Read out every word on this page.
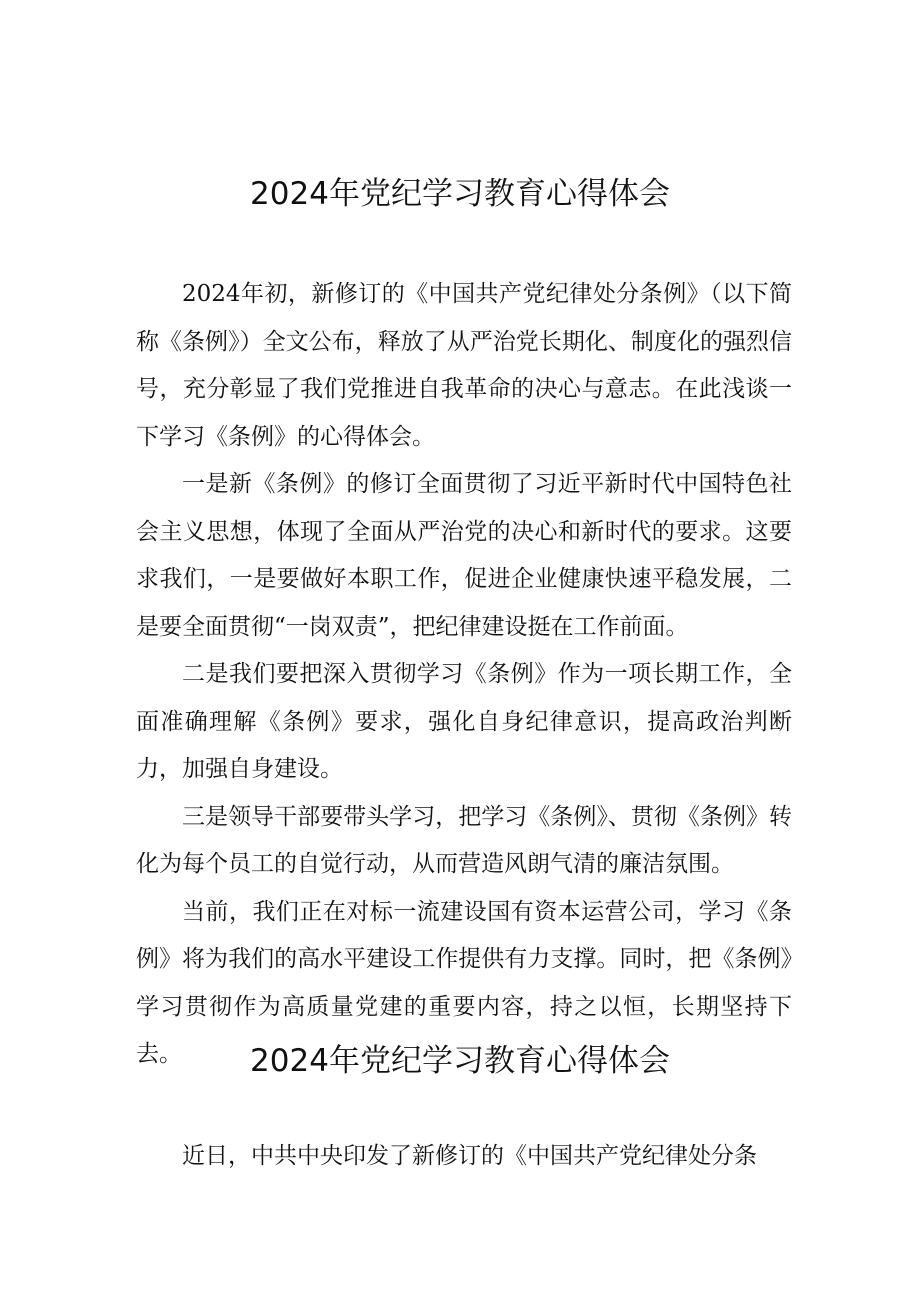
2024年党纪学习教育心得体会

2024年初，新修订的《中国共产党纪律处分条例》（以下简称《条例》）全文公布，释放了从严治党长期化、制度化的强烈信号，充分彰显了我们党推进自我革命的决心与意志。在此浅谈一下学习《条例》的心得体会。

一是新《条例》的修订全面贯彻了习近平新时代中国特色社会主义思想，体现了全面从严治党的决心和新时代的要求。这要求我们，一是要做好本职工作，促进企业健康快速平稳发展，二是要全面贯彻“一岗双责”，把纪律建设挺在工作前面。

二是我们要把深入贯彻学习《条例》作为一项长期工作，全面准确理解《条例》要求，强化自身纪律意识，提高政治判断力，加强自身建设。

三是领导干部要带头学习，把学习《条例》、贯彻《条例》转化为每个员工的自觉行动，从而营造风朗气清的廉洁氛围。

当前，我们正在对标一流建设国有资本运营公司，学习《条例》将为我们的高水平建设工作提供有力支撑。同时，把《条例》学习贯彻作为高质量党建的重要内容，持之以恒，长期坚持下去。	2024年党纪学习教育心得体会

近日，中共中央印发了新修订的《中国共产党纪律处分条
